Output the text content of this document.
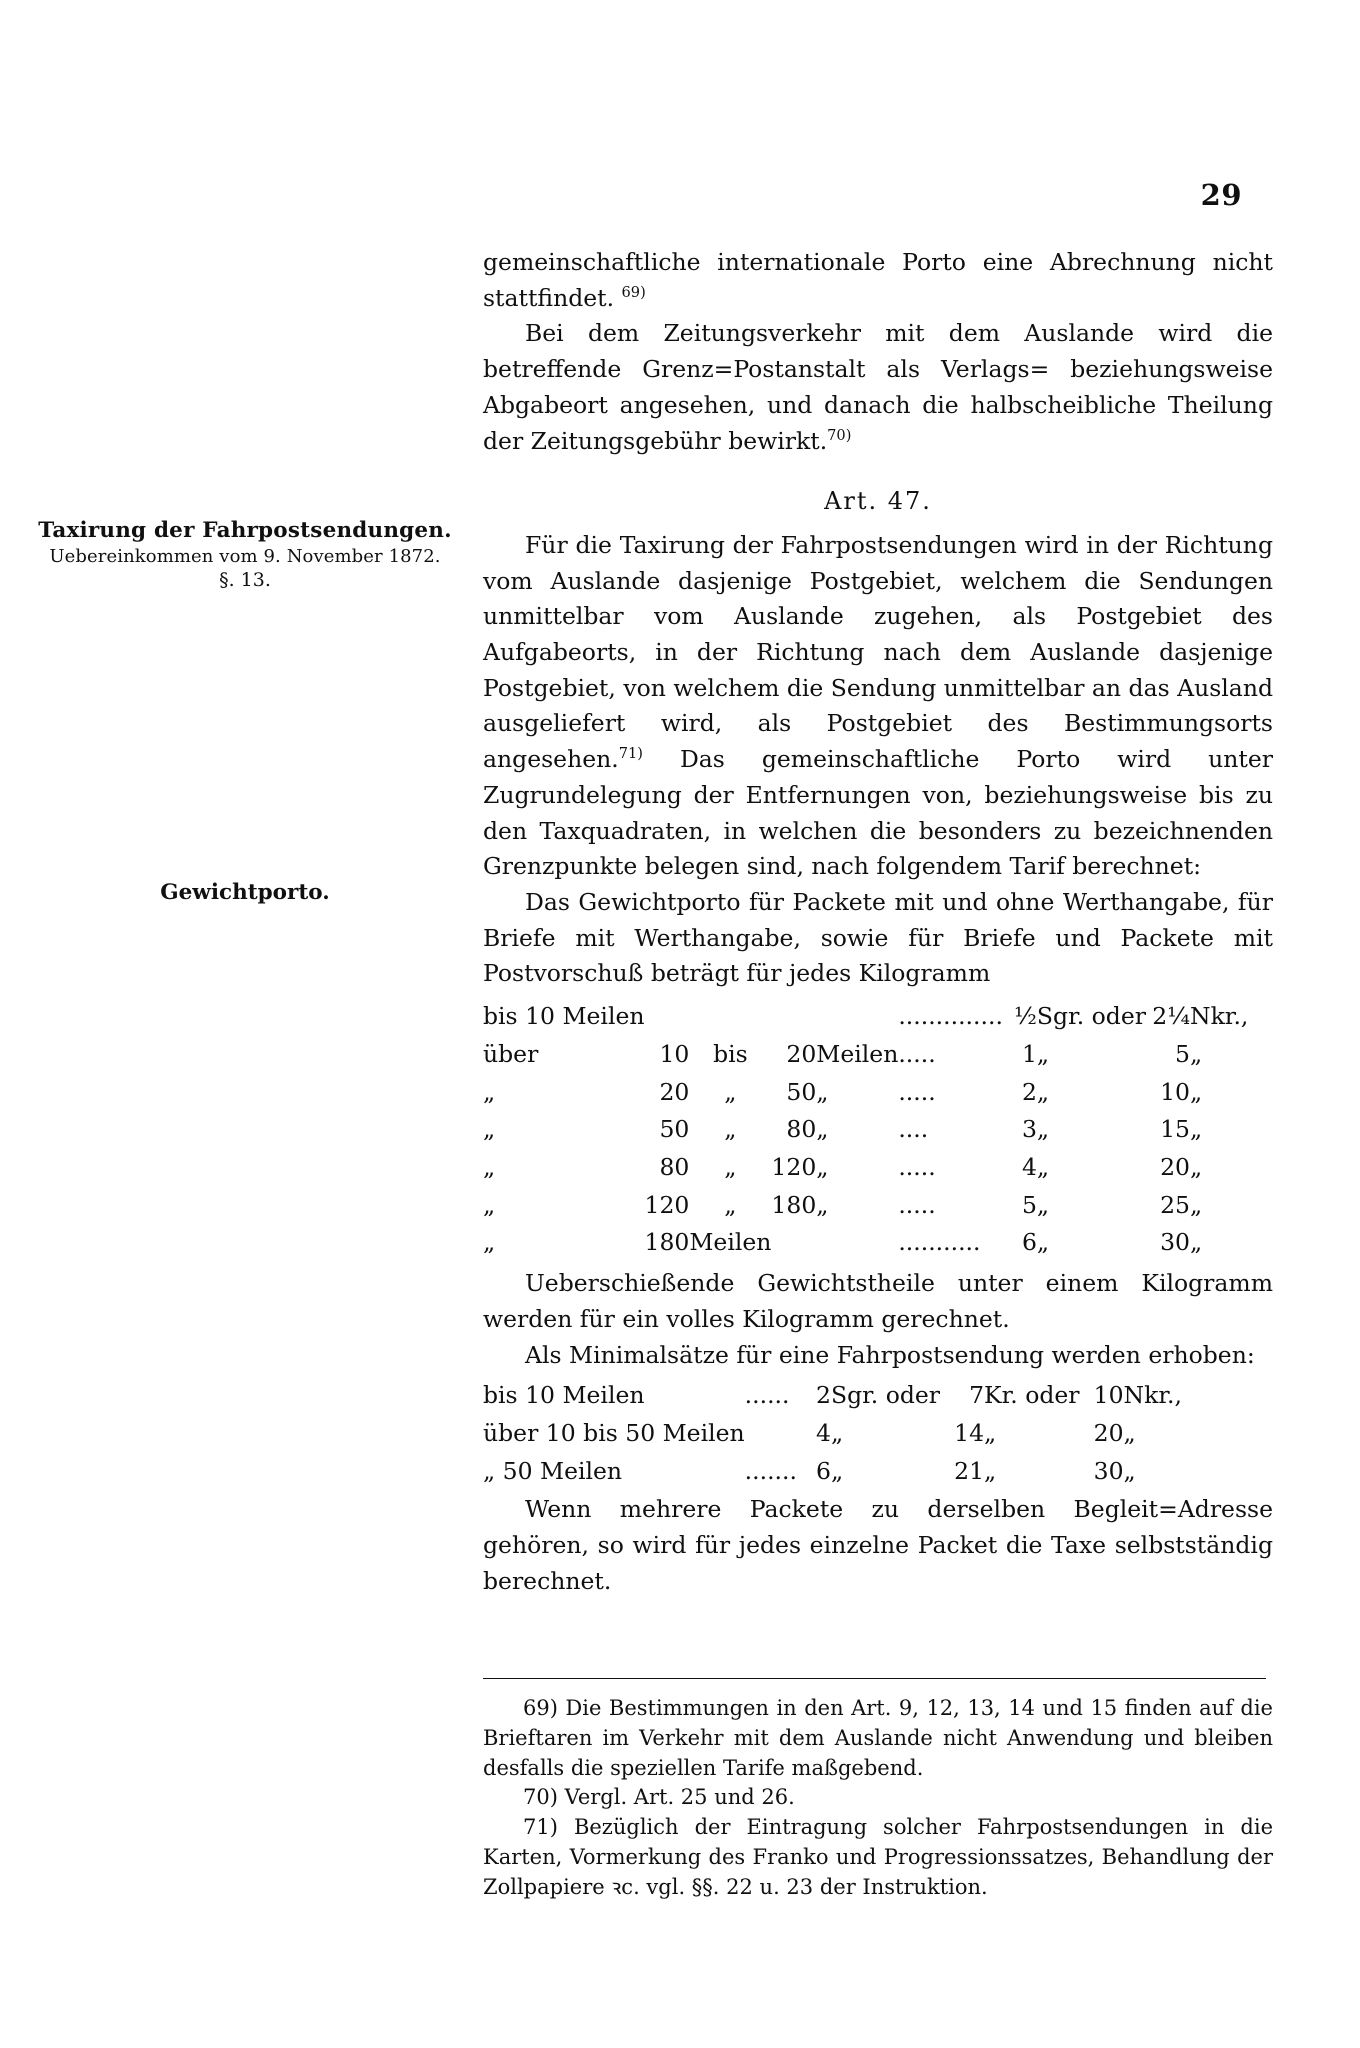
29
Taxirung der Fahrpostsendungen.
Uebereinkommen vom 9. November 1872.
§. 13.
Gewichtporto.

gemeinschaftliche internationale Porto eine Abrechnung nicht stattfindet. $^{69)}$

Bei dem Zeitungsverkehr mit dem Auslande wird die betreffende Grenz=Postanstalt als Verlags= beziehungsweise Abgabeort angesehen, und danach die halbscheibliche Theilung der Zeitungsgebühr bewirkt.$^{70)}$

Art. 47.

Für die Taxirung der Fahrpostsendungen wird in der Richtung vom Auslande dasjenige Postgebiet, welchem die Sendungen unmittelbar vom Auslande zugehen, als Postgebiet des Aufgabeorts, in der Richtung nach dem Auslande dasjenige Postgebiet, von welchem die Sendung unmittelbar an das Ausland ausgeliefert wird, als Postgebiet des Bestimmungsorts angesehen.$^{71)}$ Das gemeinschaftliche Porto wird unter Zugrundelegung der Entfernungen von, beziehungsweise bis zu den Taxquadraten, in welchen die besonders zu bezeichnenden Grenzpunkte belegen sind, nach folgendem Tarif berechnet:

Das Gewichtporto für Packete mit und ohne Werthangabe, für Briefe mit Werthangabe, sowie für Briefe und Packete mit Postvorschuß beträgt für jedes Kilogramm

bis 10 Meilen					..............	½	Sgr. oder	2¼	Nkr.,
über	10	bis	20	Meilen	.....	1	„	5	„
„	20	„	50	„	.....	2	„	10	„
„	50	„	80	„	....	3	„	15	„
„	80	„	120	„	.....	4	„	20	„
„	120	„	180	„	.....	5	„	25	„
„	180	Meilen			...........	6	„	30	„

Ueberschießende Gewichtstheile unter einem Kilogramm werden für ein volles Kilogramm gerechnet.

Als Minimalsätze für eine Fahrpostsendung werden erhoben:

bis 10 Meilen	......	2	Sgr. oder	7	Kr. oder	10	Nkr.,
über 10 bis 50 Meilen		4	„	14	„	20	„
„ 50 Meilen	.......	6	„	21	„	30	„

Wenn mehrere Packete zu derselben Begleit=Adresse gehören, so wird für jedes einzelne Packet die Taxe selbstständig berechnet.

69) Die Bestimmungen in den Art. 9, 12, 13, 14 und 15 finden auf die Brieftaren im Verkehr mit dem Auslande nicht Anwendung und bleiben desfalls die speziellen Tarife maßgebend.

70) Vergl. Art. 25 und 26.

71) Bezüglich der Eintragung solcher Fahrpostsendungen in die Karten, Vormerkung des Franko und Progressionssatzes, Behandlung der Zollpapiere ꝛc. vgl. §§. 22 u. 23 der Instruktion.
